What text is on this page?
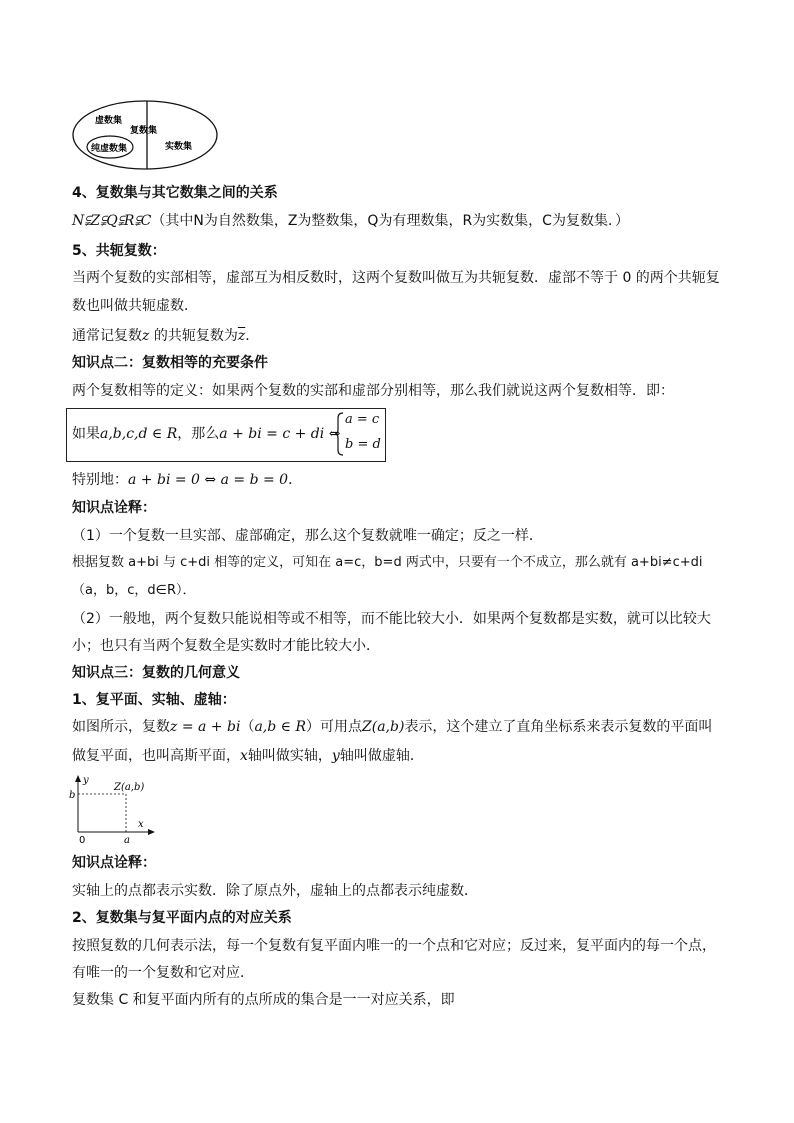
虚数集
复数集
纯虚数集	实数集
4、复数集与其它数集之间的关系
N⫋Z⫋Q⫋R⫋C（其中N为自然数集，Z为整数集，Q为有理数集，R为实数集，C为复数集．）
5、共轭复数：
当两个复数的实部相等，虚部互为相反数时，这两个复数叫做互为共轭复数．虚部不等于 0 的两个共轭复
数也叫做共轭虚数．
通常记复数z 的共轭复数为$\overline{z}$．
知识点二：复数相等的充要条件
两个复数相等的定义：如果两个复数的实部和虚部分别相等，那么我们就说这两个复数相等．即：
如果a,b,c,d ∈ R，那么a + bi = c + di ⇔
a = c
b = d
特别地：a + bi = 0 ⇔ a = b = 0．
知识点诠释：
（1）一个复数一旦实部、虚部确定，那么这个复数就唯一确定；反之一样．
根据复数 a+bi 与 c+di 相等的定义，可知在 a=c，b=d 两式中，只要有一个不成立，那么就有 a+bi≠c+di
（a，b，c，d∈R）．
（2）一般地，两个复数只能说相等或不相等，而不能比较大小．如果两个复数都是实数，就可以比较大
小；也只有当两个复数全是实数时才能比较大小．
知识点三：复数的几何意义
1、复平面、实轴、虚轴：
如图所示，复数z = a + bi（a,b ∈ R）可用点Z(a,b)表示，这个建立了直角坐标系来表示复数的平面叫
做复平面，也叫高斯平面，x轴叫做实轴，y轴叫做虚轴．
y
b
Z(a,b)
x
0	a
知识点诠释：
实轴上的点都表示实数．除了原点外，虚轴上的点都表示纯虚数．
2、复数集与复平面内点的对应关系
按照复数的几何表示法，每一个复数有复平面内唯一的一个点和它对应；反过来，复平面内的每一个点，
有唯一的一个复数和它对应．
复数集 C 和复平面内所有的点所成的集合是一一对应关系，即
